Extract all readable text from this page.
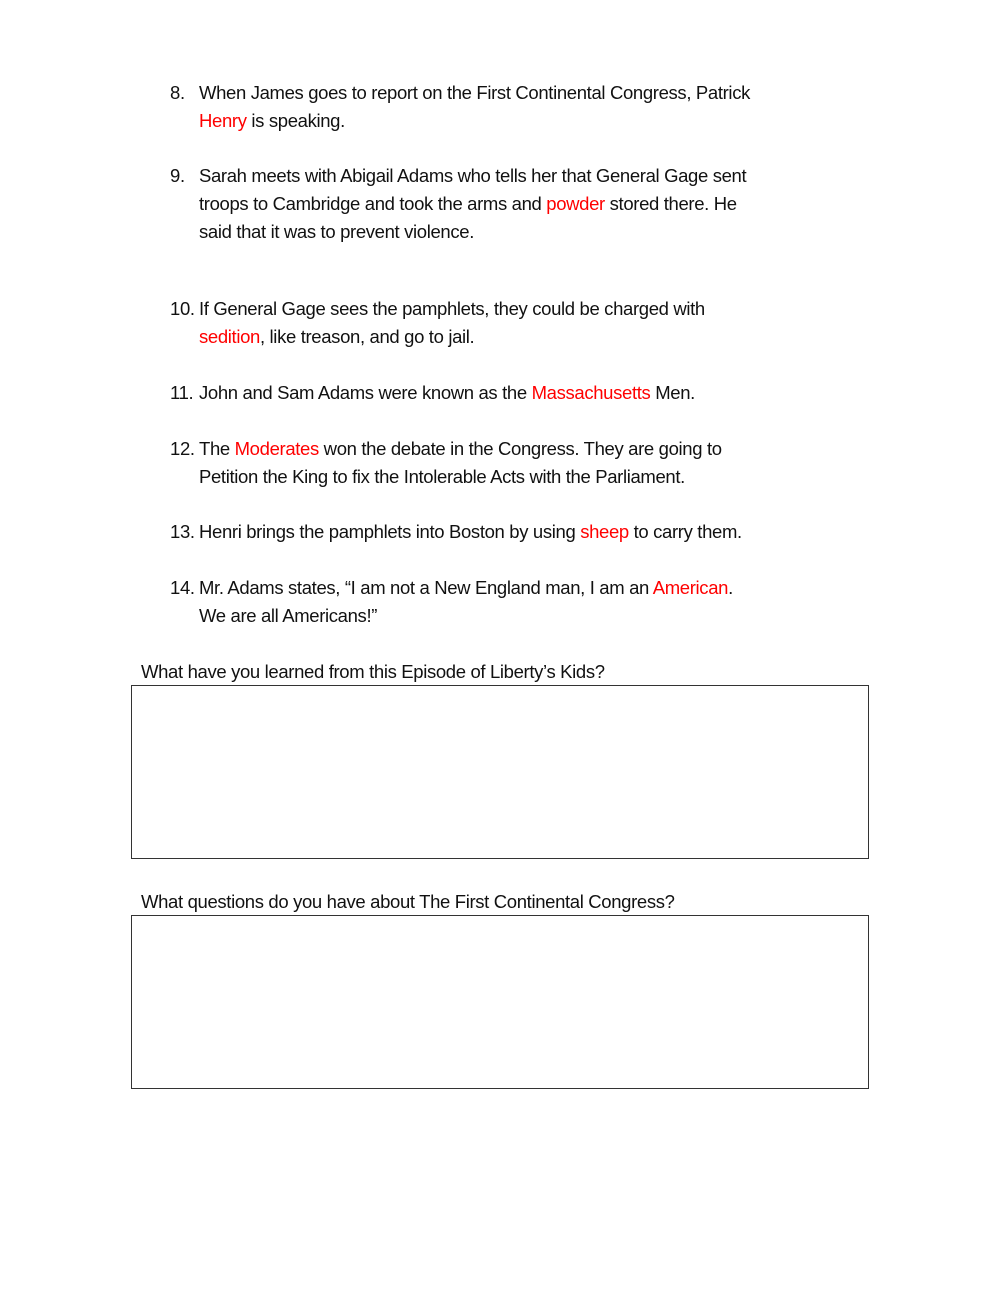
8. When James goes to report on the First Continental Congress, Patrick
Henry is speaking.
9. Sarah meets with Abigail Adams who tells her that General Gage sent
troops to Cambridge and took the arms and powder stored there. He
said that it was to prevent violence.
10. If General Gage sees the pamphlets, they could be charged with
sedition, like treason, and go to jail.
11. John and Sam Adams were known as the Massachusetts Men.
12. The Moderates won the debate in the Congress. They are going to
Petition the King to fix the Intolerable Acts with the Parliament.
13. Henri brings the pamphlets into Boston by using sheep to carry them.
14. Mr. Adams states, “I am not a New England man, I am an American.
We are all Americans!”
What have you learned from this Episode of Liberty’s Kids?
What questions do you have about The First Continental Congress?
